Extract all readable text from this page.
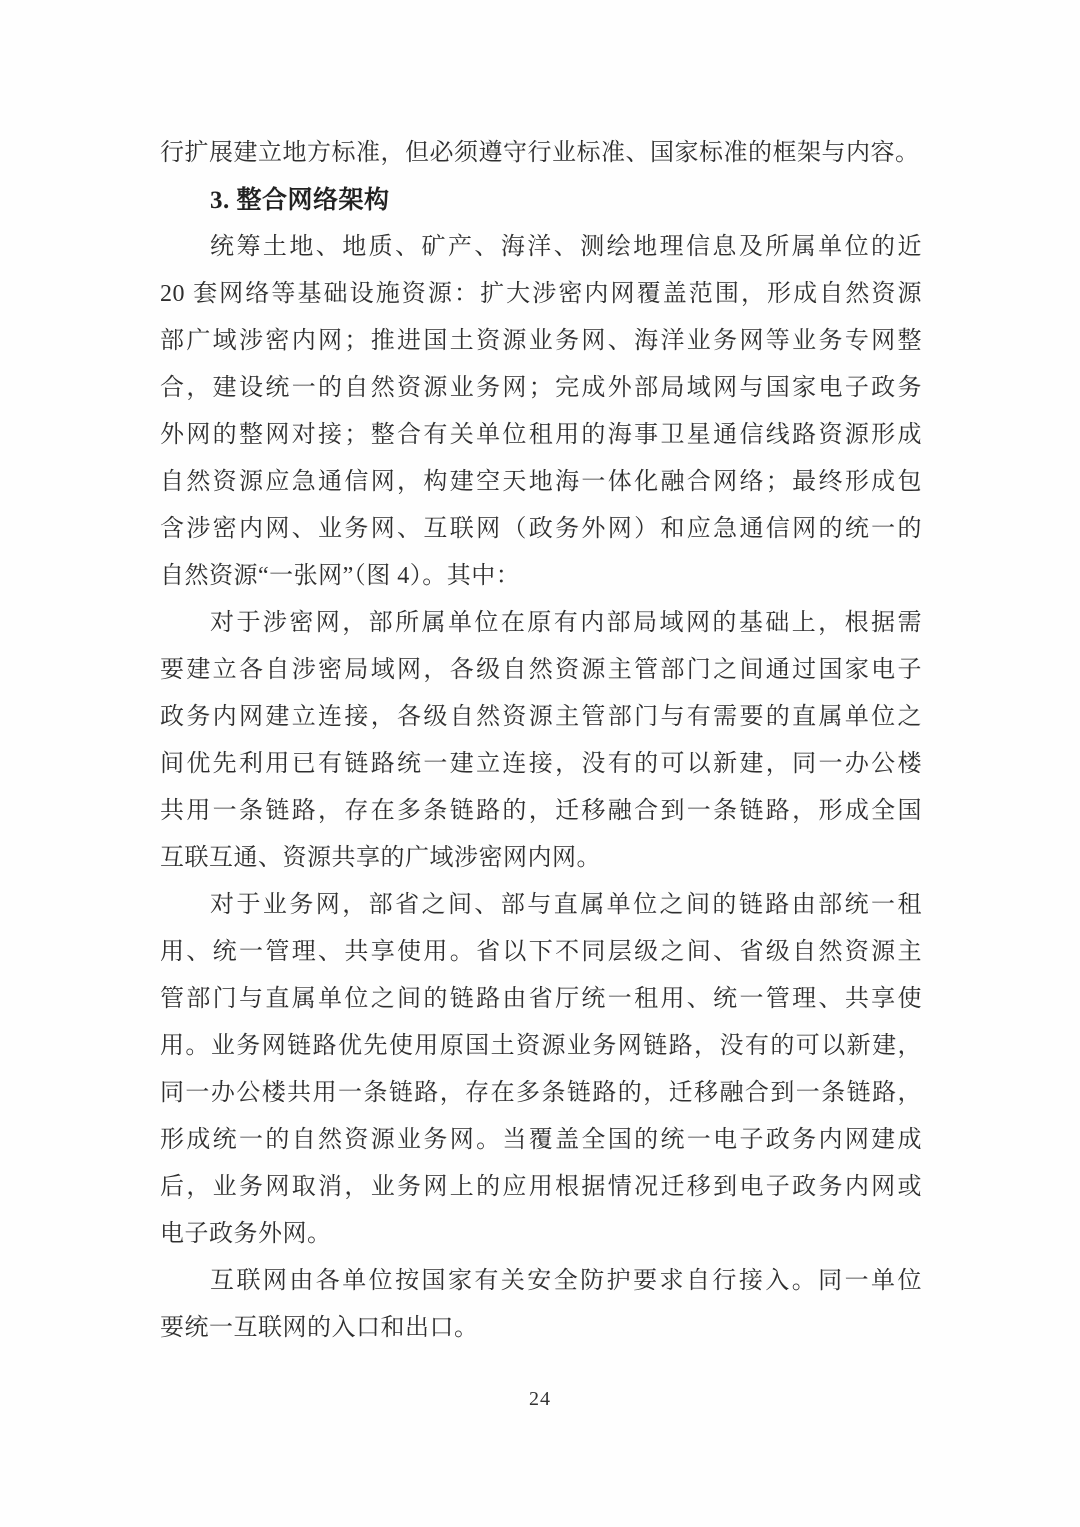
行扩展建立地方标准，但必须遵守行业标准、国家标准的框架与内容。
3. 整合网络架构
统筹土地、地质、矿产、海洋、测绘地理信息及所属单位的近
20 套网络等基础设施资源：扩大涉密内网覆盖范围，形成自然资源
部广域涉密内网；推进国土资源业务网、海洋业务网等业务专网整
合，建设统一的自然资源业务网；完成外部局域网与国家电子政务
外网的整网对接；整合有关单位租用的海事卫星通信线路资源形成
自然资源应急通信网，构建空天地海一体化融合网络；最终形成包
含涉密内网、业务网、互联网（政务外网）和应急通信网的统一的
自然资源“一张网”（图 4）。其中：
对于涉密网，部所属单位在原有内部局域网的基础上，根据需
要建立各自涉密局域网，各级自然资源主管部门之间通过国家电子
政务内网建立连接，各级自然资源主管部门与有需要的直属单位之
间优先利用已有链路统一建立连接，没有的可以新建，同一办公楼
共用一条链路，存在多条链路的，迁移融合到一条链路，形成全国
互联互通、资源共享的广域涉密网内网。
对于业务网，部省之间、部与直属单位之间的链路由部统一租
用、统一管理、共享使用。省以下不同层级之间、省级自然资源主
管部门与直属单位之间的链路由省厅统一租用、统一管理、共享使
用。业务网链路优先使用原国土资源业务网链路，没有的可以新建，
同一办公楼共用一条链路，存在多条链路的，迁移融合到一条链路，
形成统一的自然资源业务网。当覆盖全国的统一电子政务内网建成
后，业务网取消，业务网上的应用根据情况迁移到电子政务内网或
电子政务外网。
互联网由各单位按国家有关安全防护要求自行接入。同一单位
要统一互联网的入口和出口。
24
